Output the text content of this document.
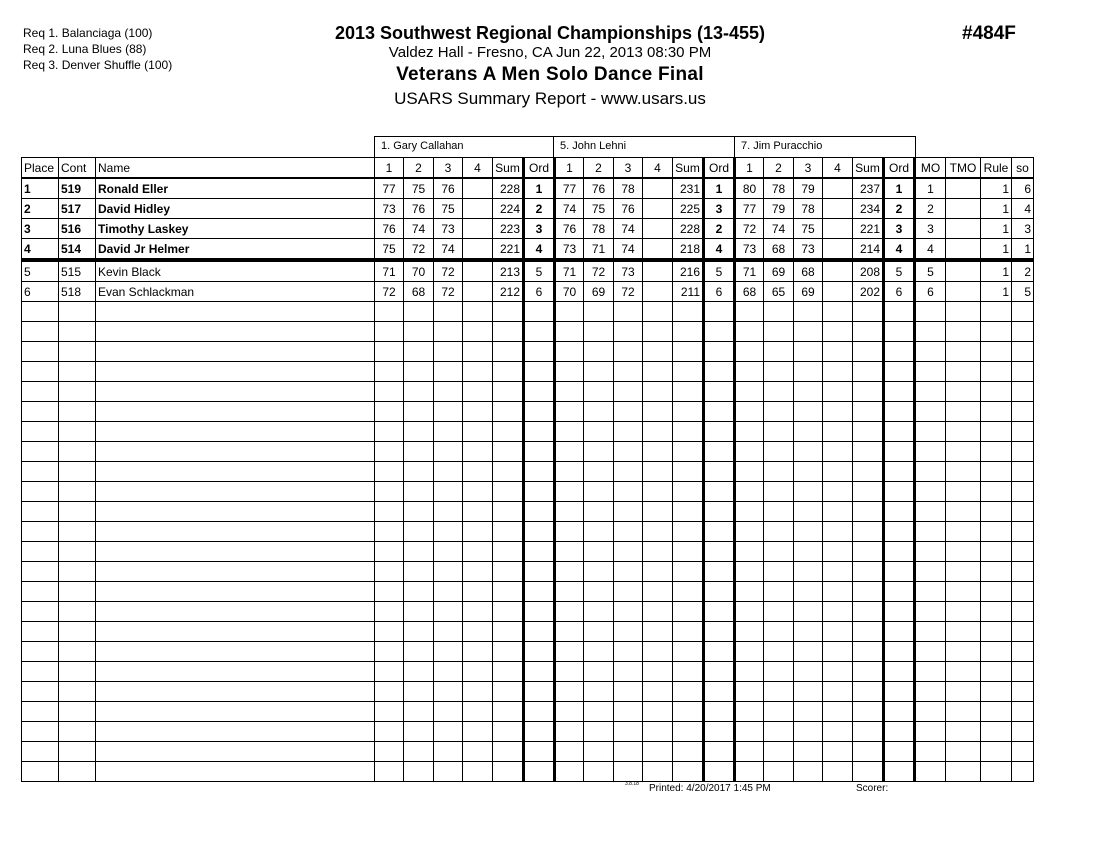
Req 1. Balanciaga (100)
Req 2. Luna Blues (88)
Req 3. Denver Shuffle (100)
2013 Southwest Regional Championships (13-455)
Valdez Hall - Fresno, CA Jun 22, 2013 08:30 PM
Veterans A Men Solo Dance Final
USARS Summary Report - www.usars.us
#484F
1. Gary Callahan	5. John Lehni	7. Jim Puracchio
Place	Cont	Name	1	2	3	4	Sum	Ord	1	2	3	4	Sum	Ord	1	2	3	4	Sum	Ord	MO	TMO	Rule	so
1	519	Ronald Eller	77	75	76		228	1	77	76	78		231	1	80	78	79		237	1	1		1	6
2	517	David Hidley	73	76	75		224	2	74	75	76		225	3	77	79	78		234	2	2		1	4
3	516	Timothy Laskey	76	74	73		223	3	76	78	74		228	2	72	74	75		221	3	3		1	3
4	514	David Jr Helmer	75	72	74		221	4	73	71	74		218	4	73	68	73		214	4	4		1	1
5	515	Kevin Black	71	70	72		213	5	71	72	73		216	5	71	69	68		208	5	5		1	2
6	518	Evan Schlackman	72	68	72		212	6	70	69	72		211	6	68	65	69		202	6	6		1	5

3.8.18 Printed: 4/20/2017 1:45 PM	Scorer:
